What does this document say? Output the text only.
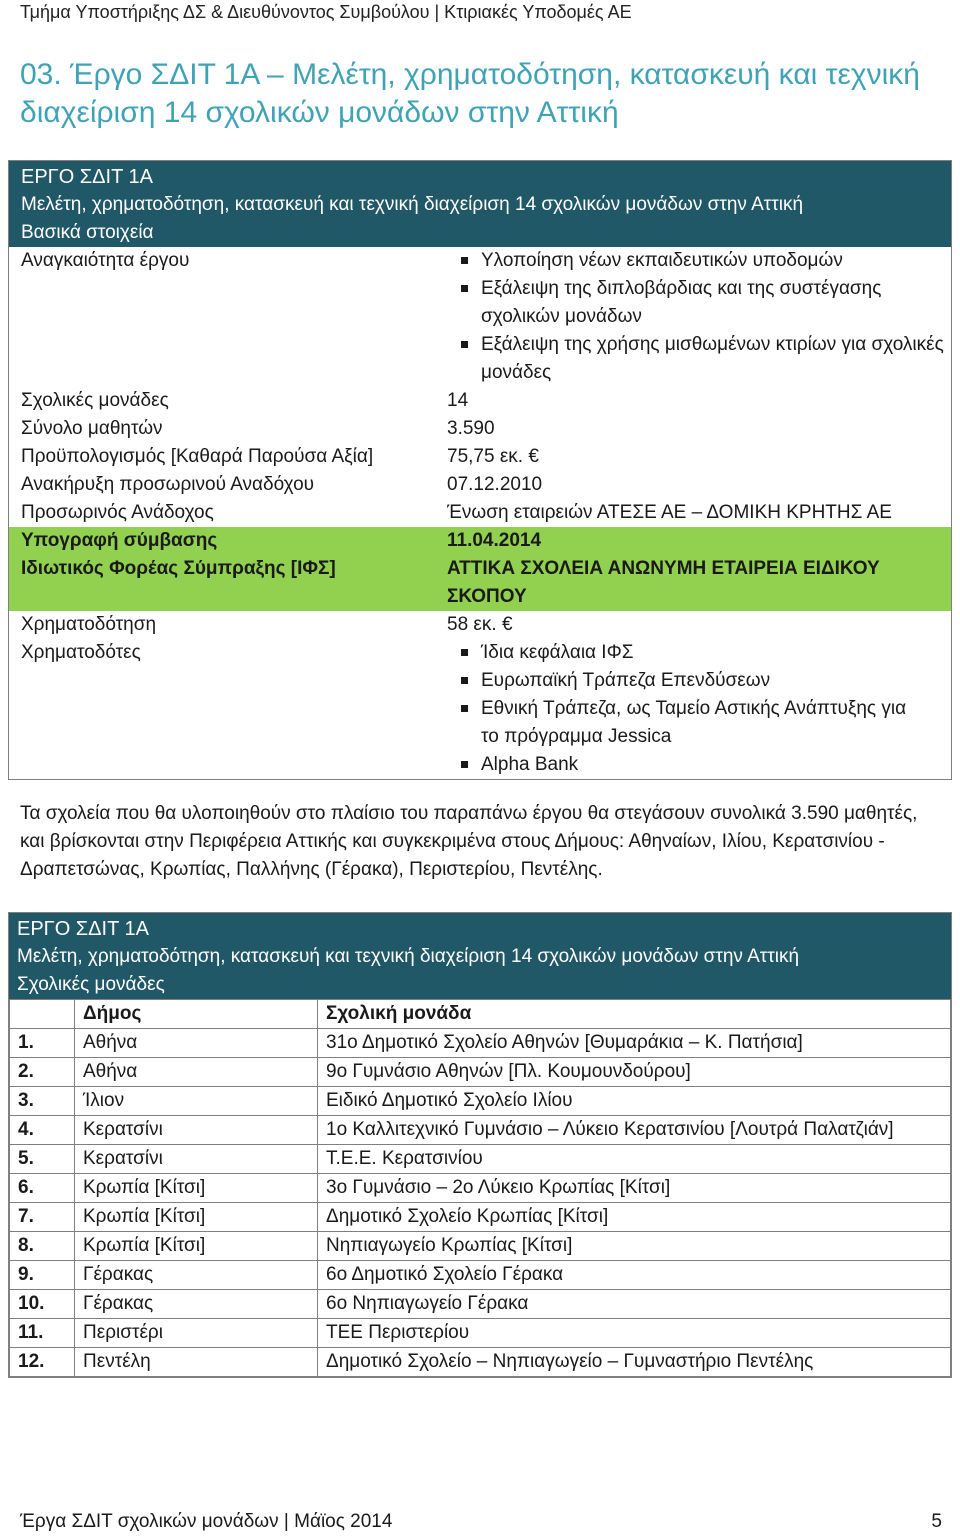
Τμήμα Υποστήριξης ΔΣ & Διευθύνοντος Συμβούλου | Κτιριακές Υποδομές ΑΕ
03. Έργο ΣΔΙΤ 1Α – Μελέτη, χρηματοδότηση, κατασκευή και τεχνική
διαχείριση 14 σχολικών μονάδων στην Αττική
ΕΡΓΟ ΣΔΙΤ 1Α
Μελέτη, χρηματοδότηση, κατασκευή και τεχνική διαχείριση 14 σχολικών μονάδων στην Αττική
Βασικά στοιχεία
Αναγκαιότητα έργου	Υλοποίηση νέων εκπαιδευτικών υποδομών
Εξάλειψη της διπλοβάρδιας και της συστέγασης σχολικών μονάδων
Εξάλειψη της χρήσης μισθωμένων κτιρίων για σχολικές μονάδες
Σχολικές μονάδες	14
Σύνολο μαθητών	3.590
Προϋπολογισμός [Καθαρά Παρούσα Αξία]	75,75 εκ. €
Ανακήρυξη προσωρινού Αναδόχου	07.12.2010
Προσωρινός Ανάδοχος	Ένωση εταιρειών ΑΤΕΣΕ ΑΕ – ΔΟΜΙΚΗ ΚΡΗΤΗΣ ΑΕ
Υπογραφή σύμβασης	11.04.2014
Ιδιωτικός Φορέας Σύμπραξης [ΙΦΣ]	ΑΤΤΙΚΑ ΣΧΟΛΕΙΑ ΑΝΩΝΥΜΗ ΕΤΑΙΡΕΙΑ ΕΙΔΙΚΟΥ ΣΚΟΠΟΥ
Χρηματοδότηση	58 εκ. €
Χρηματοδότες	Ίδια κεφάλαια ΙΦΣ
Ευρωπαϊκή Τράπεζα Επενδύσεων
Εθνική Τράπεζα, ως Ταμείο Αστικής Ανάπτυξης για το πρόγραμμα Jessica
Alpha Bank

Τα σχολεία που θα υλοποιηθούν στο πλαίσιο του παραπάνω έργου θα στεγάσουν συνολικά 3.590 μαθητές, και βρίσκονται στην Περιφέρεια Αττικής και συγκεκριμένα στους Δήμους: Αθηναίων, Ιλίου, Κερατσινίου - Δραπετσώνας, Κρωπίας, Παλλήνης (Γέρακα), Περιστερίου, Πεντέλης.

ΕΡΓΟ ΣΔΙΤ 1Α
Μελέτη, χρηματοδότηση, κατασκευή και τεχνική διαχείριση 14 σχολικών μονάδων στην Αττική
Σχολικές μονάδες
	Δήμος	Σχολική μονάδα
1.	Αθήνα	31ο Δημοτικό Σχολείο Αθηνών [Θυμαράκια – Κ. Πατήσια]
2.	Αθήνα	9ο Γυμνάσιο Αθηνών [Πλ. Κουμουνδούρου]
3.	Ίλιον	Ειδικό Δημοτικό Σχολείο Ιλίου
4.	Κερατσίνι	1ο Καλλιτεχνικό Γυμνάσιο – Λύκειο Κερατσινίου [Λουτρά Παλατζιάν]
5.	Κερατσίνι	Τ.Ε.Ε. Κερατσινίου
6.	Κρωπία [Κίτσι]	3ο Γυμνάσιο – 2ο Λύκειο Κρωπίας [Κίτσι]
7.	Κρωπία [Κίτσι]	Δημοτικό Σχολείο Κρωπίας [Κίτσι]
8.	Κρωπία [Κίτσι]	Νηπιαγωγείο Κρωπίας [Κίτσι]
9.	Γέρακας	6ο Δημοτικό Σχολείο Γέρακα
10.	Γέρακας	6ο Νηπιαγωγείο Γέρακα
11.	Περιστέρι	ΤΕΕ Περιστερίου
12.	Πεντέλη	Δημοτικό Σχολείο – Νηπιαγωγείο – Γυμναστήριο Πεντέλης
Έργα ΣΔΙΤ σχολικών μονάδων | Μάϊος 2014	5
